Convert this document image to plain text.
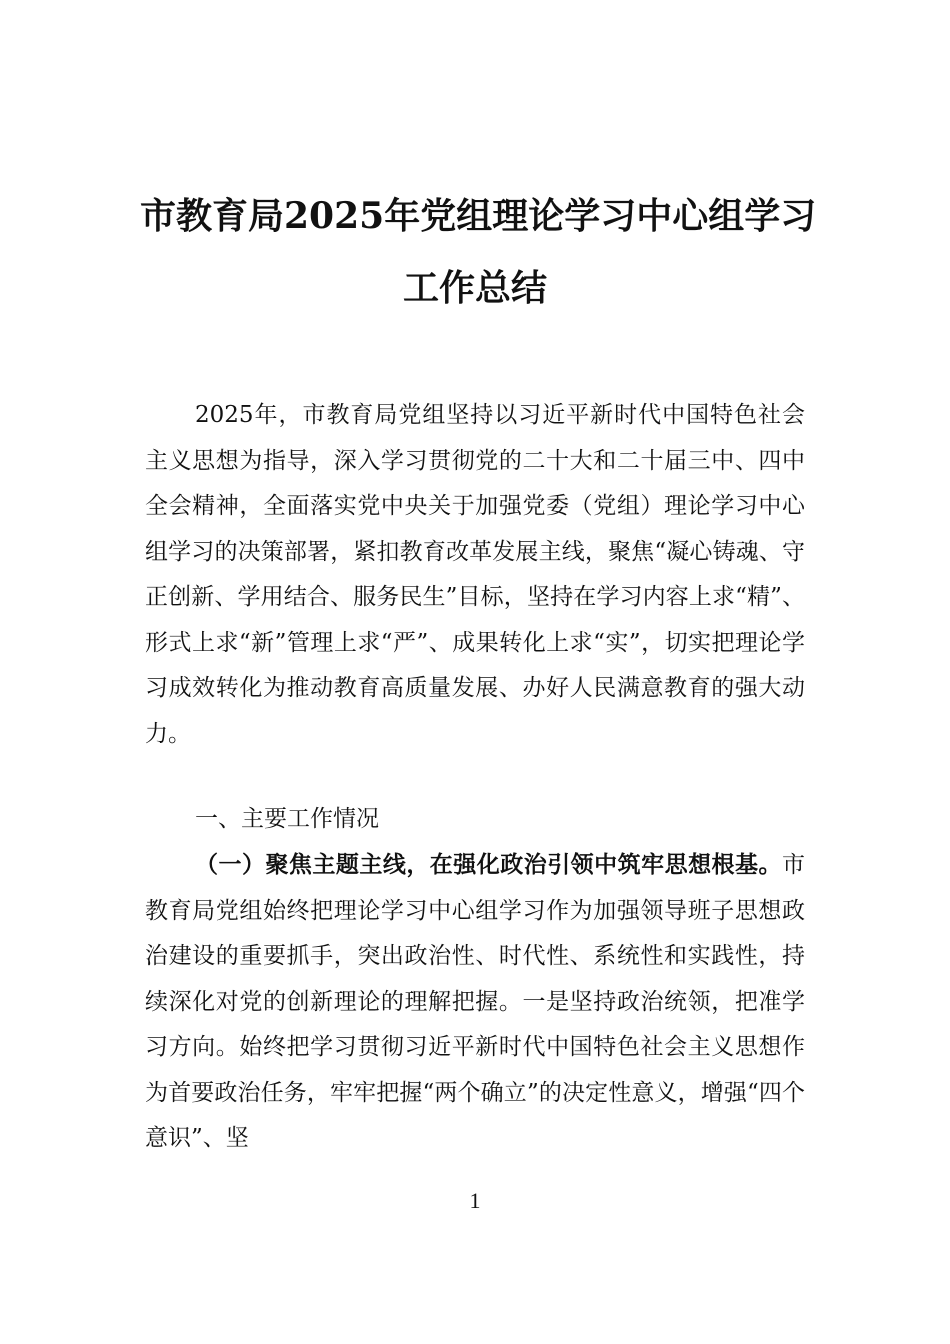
市教育局2025年党组理论学习中心组学习
工作总结

2025年，市教育局党组坚持以习近平新时代中国特色社会主义思想为指导，深入学习贯彻党的二十大和二十届三中、四中全会精神，全面落实党中央关于加强党委（党组）理论学习中心组学习的决策部署，紧扣教育改革发展主线，聚焦“凝心铸魂、守正创新、学用结合、服务民生”目标，坚持在学习内容上求“精”、形式上求“新”管理上求“严”、成果转化上求“实”，切实把理论学习成效转化为推动教育高质量发展、办好人民满意教育的强大动力。

一、主要工作情况

（一）聚焦主题主线，在强化政治引领中筑牢思想根基。市教育局党组始终把理论学习中心组学习作为加强领导班子思想政治建设的重要抓手，突出政治性、时代性、系统性和实践性，持续深化对党的创新理论的理解把握。一是坚持政治统领，把准学习方向。始终把学习贯彻习近平新时代中国特色社会主义思想作为首要政治任务，牢牢把握“两个确立”的决定性意义，增强“四个意识”、坚

1
